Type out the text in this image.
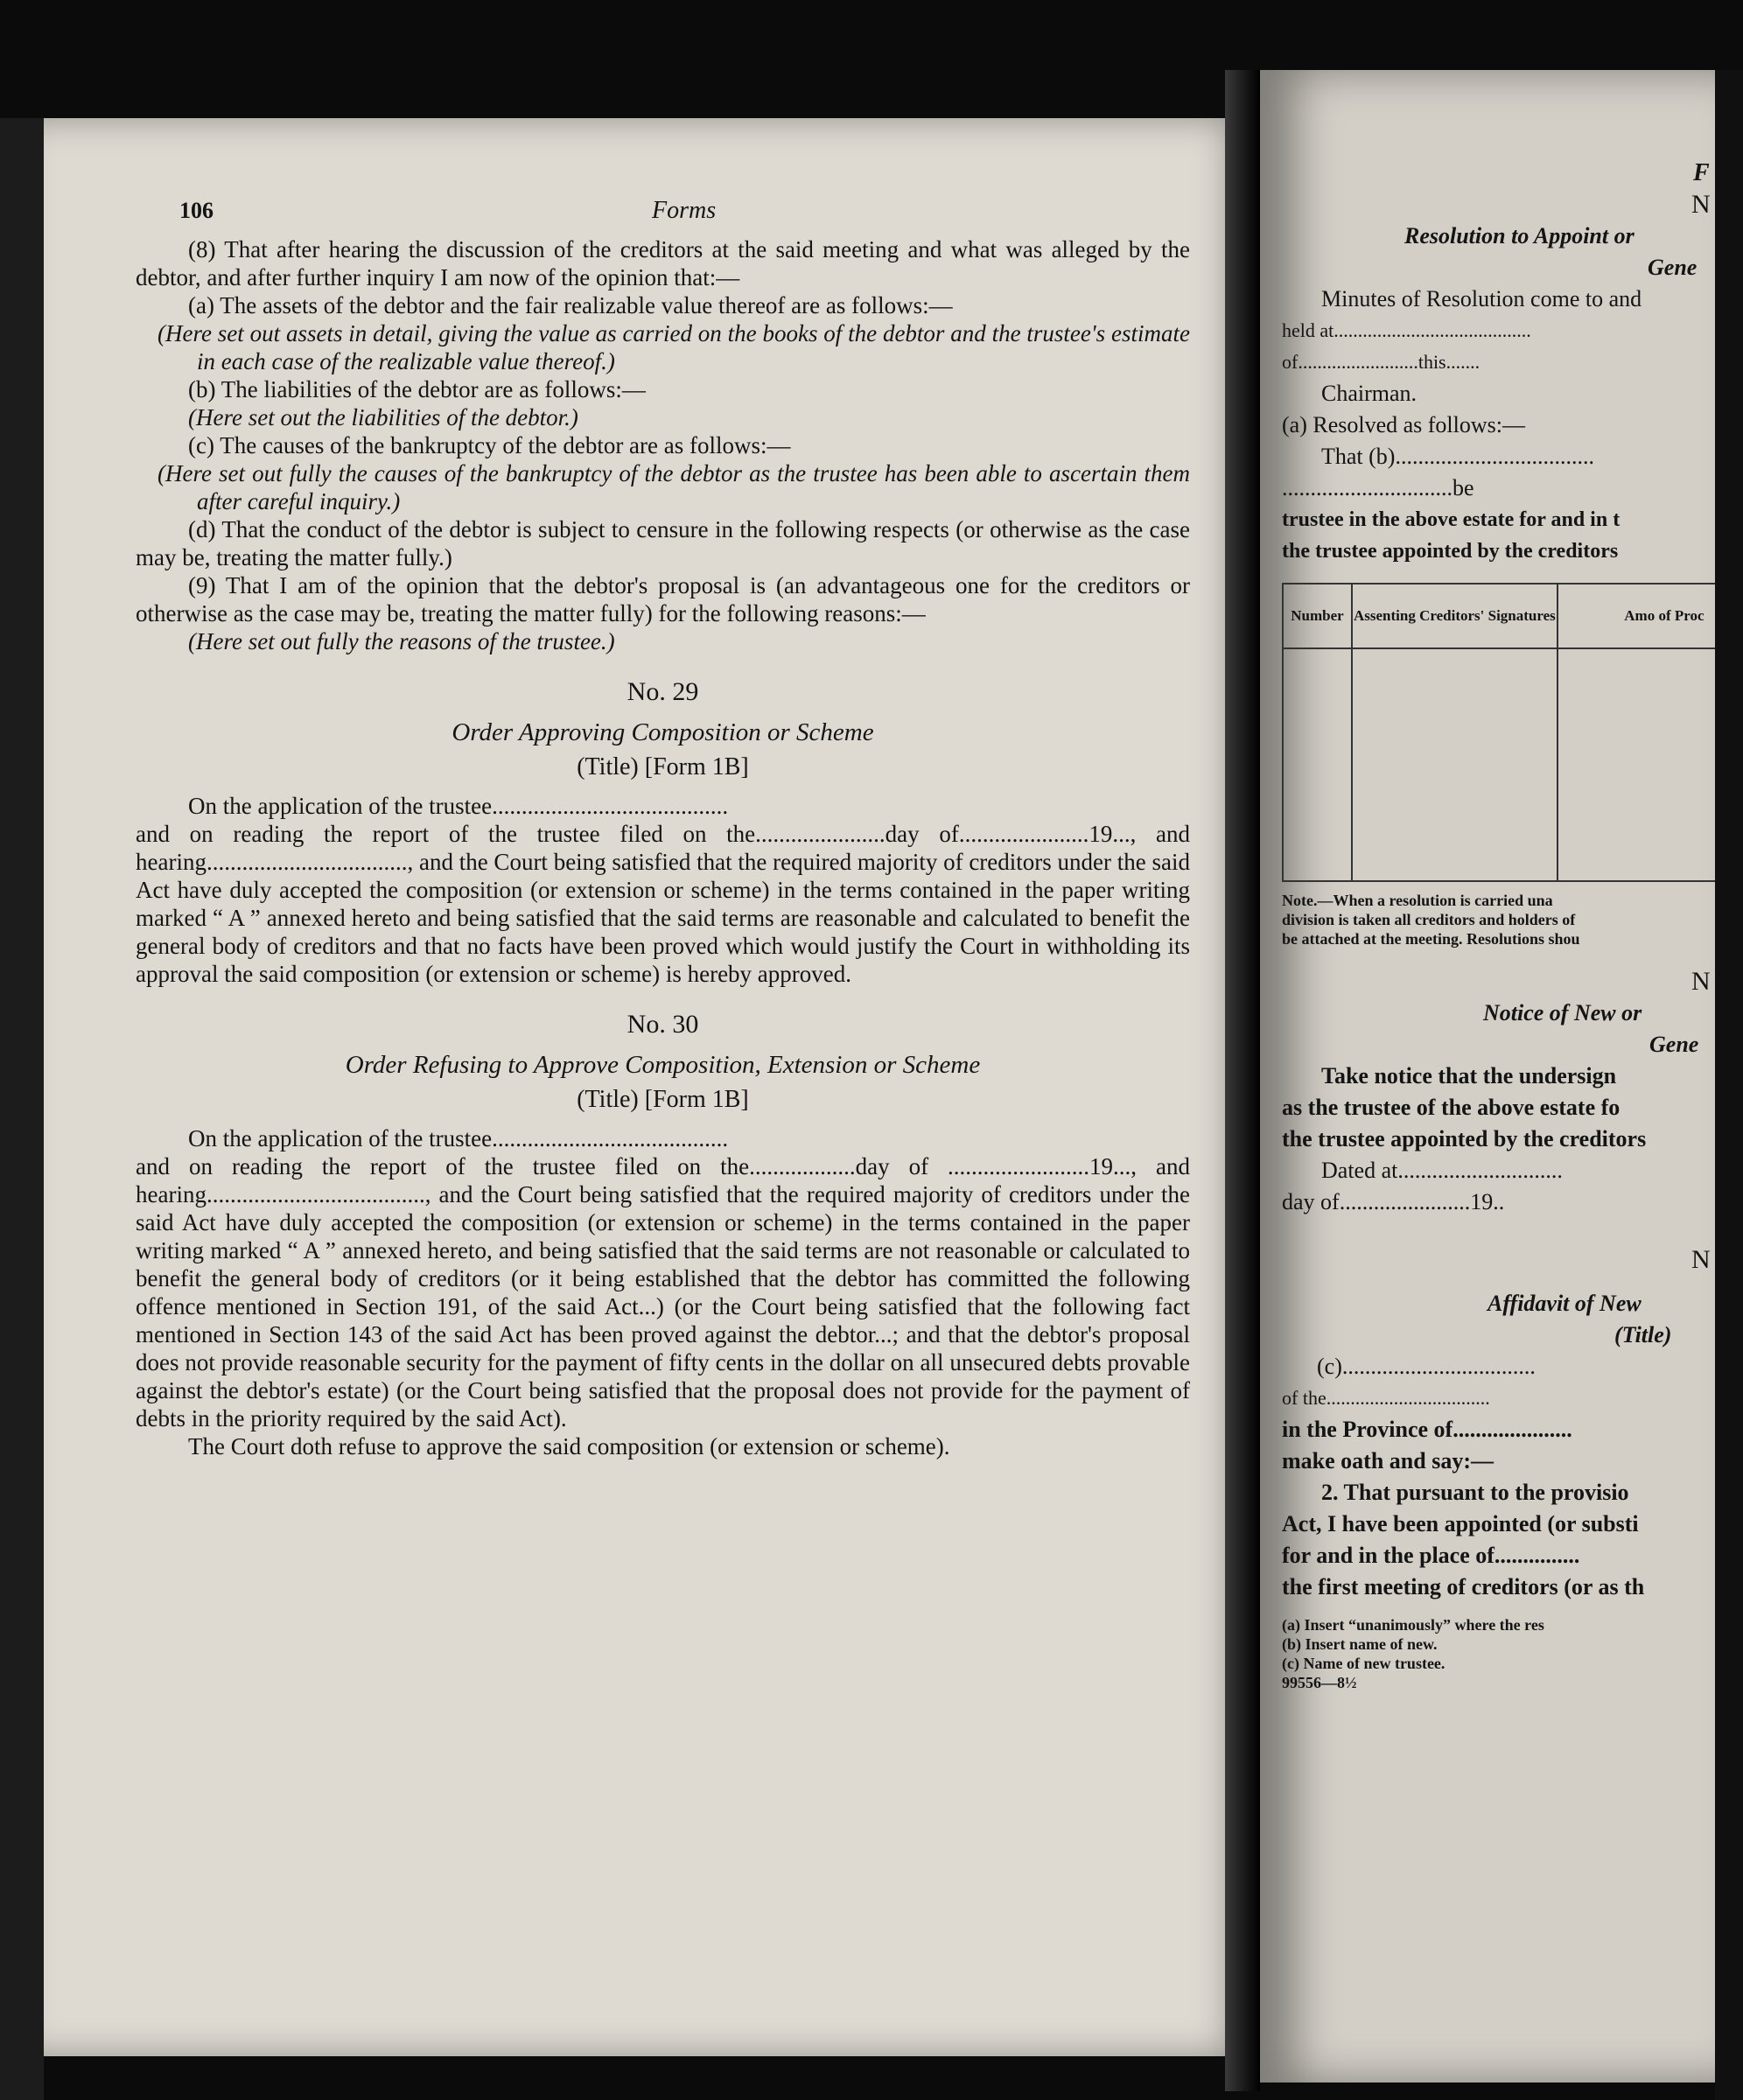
106	Forms

(8) That after hearing the discussion of the creditors at the said meeting and what was alleged by the debtor, and after further inquiry I am now of the opinion that:—

(a) The assets of the debtor and the fair realizable value thereof are as follows:—

(Here set out assets in detail, giving the value as carried on the books of the debtor and the trustee's estimate in each case of the realizable value thereof.)

(b) The liabilities of the debtor are as follows:—

(Here set out the liabilities of the debtor.)

(c) The causes of the bankruptcy of the debtor are as follows:—

(Here set out fully the causes of the bankruptcy of the debtor as the trustee has been able to ascertain them after careful inquiry.)

(d) That the conduct of the debtor is subject to censure in the following respects (or otherwise as the case may be, treating the matter fully.)

(9) That I am of the opinion that the debtor's proposal is (an advantageous one for the creditors or otherwise as the case may be, treating the matter fully) for the following reasons:—

(Here set out fully the reasons of the trustee.)

No. 29

Order Approving Composition or Scheme

(Title) [Form 1B]

On the application of the trustee........................................

and on reading the report of the trustee filed on the......................day of......................19..., and hearing.................................., and the Court being satisfied that the required majority of creditors under the said Act have duly accepted the composition (or extension or scheme) in the terms contained in the paper writing marked “ A ” annexed hereto and being satisfied that the said terms are reasonable and calculated to benefit the general body of creditors and that no facts have been proved which would justify the Court in withholding its approval the said composition (or extension or scheme) is hereby approved.

No. 30

Order Refusing to Approve Composition, Extension or Scheme

(Title) [Form 1B]

On the application of the trustee........................................

and on reading the report of the trustee filed on the..................day of ........................19..., and hearing....................................., and the Court being satisfied that the required majority of creditors under the said Act have duly accepted the composition (or extension or scheme) in the terms contained in the paper writing marked “ A ” annexed hereto, and being satisfied that the said terms are not reasonable or calculated to benefit the general body of creditors (or it being established that the debtor has committed the following offence mentioned in Section 191, of the said Act...) (or the Court being satisfied that the following fact mentioned in Section 143 of the said Act has been proved against the debtor...; and that the debtor's proposal does not provide reasonable security for the payment of fifty cents in the dollar on all unsecured debts provable against the debtor's estate) (or the Court being satisfied that the proposal does not provide for the payment of debts in the priority required by the said Act).

The Court doth refuse to approve the said composition (or extension or scheme).

F
N
Resolution to Appoint or
Gene
Minutes of Resolution come to and
held at.........................................
of.........................this.......
Chairman.
(a) Resolved as follows:—
That (b)...................................
..............................be
trustee in the above estate for and in t
the trustee appointed by the creditors
Number	Assenting Creditors' Signatures	Amo of Proc

Note.—When a resolution is carried una
division is taken all creditors and holders of
be attached at the meeting. Resolutions shou
N
Notice of New or
Gene
Take notice that the undersign
as the trustee of the above estate fo
the trustee appointed by the creditors
Dated at.............................
day of.......................19..
N
Affidavit of New
(Title)
(c)..................................
of the..................................
in the Province of.....................
make oath and say:—
2. That pursuant to the provisio
Act, I have been appointed (or substi
for and in the place of...............
the first meeting of creditors (or as th
(a) Insert “unanimously” where the res
(b) Insert name of new.
(c) Name of new trustee.
99556—8½
